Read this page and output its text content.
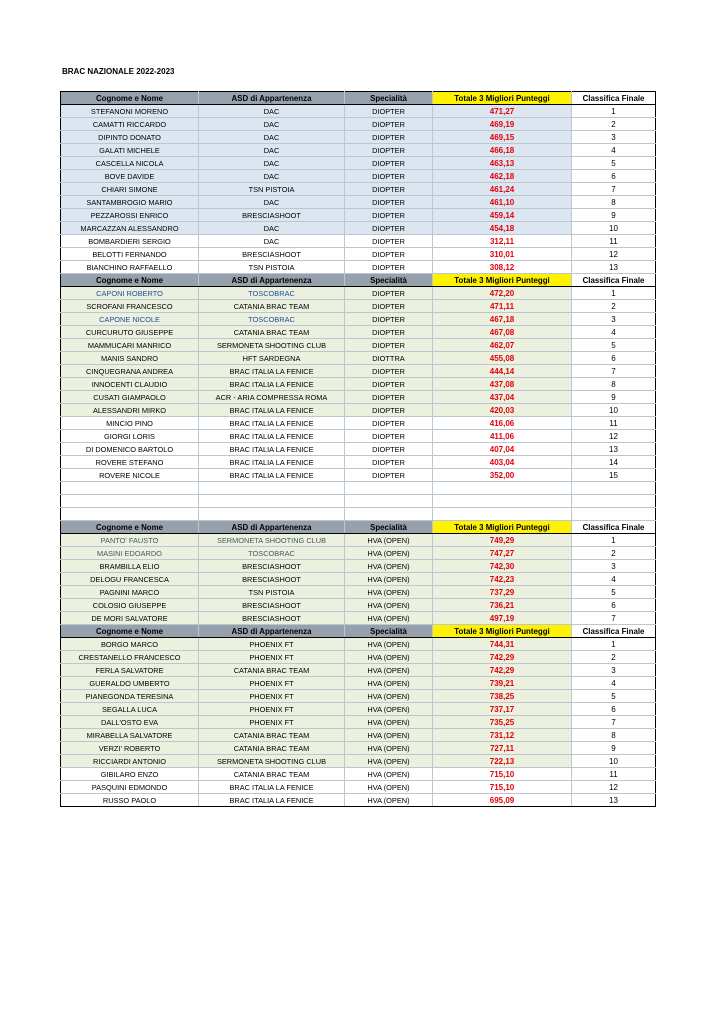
BRAC NAZIONALE 2022-2023
Cognome e Nome	ASD di Appartenenza	Specialità	Totale 3 Migliori Punteggi	Classifica Finale
STEFANONI MORENO	DAC	DIOPTER	471,27	1
CAMATTI RICCARDO	DAC	DIOPTER	469,19	2
DIPINTO DONATO	DAC	DIOPTER	469,15	3
GALATI MICHELE	DAC	DIOPTER	466,18	4
CASCELLA NICOLA	DAC	DIOPTER	463,13	5
BOVE DAVIDE	DAC	DIOPTER	462,18	6
CHIARI SIMONE	TSN PISTOIA	DIOPTER	461,24	7
SANTAMBROGIO MARIO	DAC	DIOPTER	461,10	8
PEZZAROSSI ENRICO	BRESCIASHOOT	DIOPTER	459,14	9
MARCAZZAN ALESSANDRO	DAC	DIOPTER	454,18	10
BOMBARDIERI SERGIO	DAC	DIOPTER	312,11	11
BELOTTI FERNANDO	BRESCIASHOOT	DIOPTER	310,01	12
BIANCHINO RAFFAELLO	TSN PISTOIA	DIOPTER	308,12	13
Cognome e Nome	ASD di Appartenenza	Specialità	Totale 3 Migliori Punteggi	Classifica Finale
CAPONI ROBERTO	TOSCOBRAC	DIOPTER	472,20	1
SCROFANI FRANCESCO	CATANIA BRAC TEAM	DIOPTER	471,11	2
CAPONE NICOLE	TOSCOBRAC	DIOPTER	467,18	3
CURCURUTO GIUSEPPE	CATANIA BRAC TEAM	DIOPTER	467,08	4
MAMMUCARI MANRICO	SERMONETA SHOOTING CLUB	DIOPTER	462,07	5
MANIS SANDRO	HFT SARDEGNA	DIOTTRA	455,08	6
CINQUEGRANA ANDREA	BRAC ITALIA LA FENICE	DIOPTER	444,14	7
INNOCENTI CLAUDIO	BRAC ITALIA LA FENICE	DIOPTER	437,08	8
CUSATI GIAMPAOLO	ACR - ARIA COMPRESSA ROMA	DIOPTER	437,04	9
ALESSANDRI MIRKO	BRAC ITALIA LA FENICE	DIOPTER	420,03	10
MINCIO PINO	BRAC ITALIA LA FENICE	DIOPTER	416,06	11
GIORGI LORIS	BRAC ITALIA LA FENICE	DIOPTER	411,06	12
DI DOMENICO BARTOLO	BRAC ITALIA LA FENICE	DIOPTER	407,04	13
ROVERE STEFANO	BRAC ITALIA LA FENICE	DIOPTER	403,04	14
ROVERE NICOLE	BRAC ITALIA LA FENICE	DIOPTER	352,00	15

Cognome e Nome	ASD di Appartenenza	Specialità	Totale 3 Migliori Punteggi	Classifica Finale
PANTO' FAUSTO	SERMONETA SHOOTING CLUB	HVA (OPEN)	749,29	1
MASINI EDOARDO	TOSCOBRAC	HVA (OPEN)	747,27	2
BRAMBILLA ELIO	BRESCIASHOOT	HVA (OPEN)	742,30	3
DELOGU FRANCESCA	BRESCIASHOOT	HVA (OPEN)	742,23	4
PAGNINI MARCO	TSN PISTOIA	HVA (OPEN)	737,29	5
COLOSIO GIUSEPPE	BRESCIASHOOT	HVA (OPEN)	736,21	6
DE MORI SALVATORE	BRESCIASHOOT	HVA (OPEN)	497,19	7
Cognome e Nome	ASD di Appartenenza	Specialità	Totale 3 Migliori Punteggi	Classifica Finale
BORGO MARCO	PHOENIX FT	HVA (OPEN)	744,31	1
CRESTANELLO FRANCESCO	PHOENIX FT	HVA (OPEN)	742,29	2
FERLA SALVATORE	CATANIA BRAC TEAM	HVA (OPEN)	742,29	3
GUERALDO UMBERTO	PHOENIX FT	HVA (OPEN)	739,21	4
PIANEGONDA TERESINA	PHOENIX FT	HVA (OPEN)	738,25	5
SEGALLA LUCA	PHOENIX FT	HVA (OPEN)	737,17	6
DALL'OSTO EVA	PHOENIX FT	HVA (OPEN)	735,25	7
MIRABELLA SALVATORE	CATANIA BRAC TEAM	HVA (OPEN)	731,12	8
VERZI' ROBERTO	CATANIA BRAC TEAM	HVA (OPEN)	727,11	9
RICCIARDI ANTONIO	SERMONETA SHOOTING CLUB	HVA (OPEN)	722,13	10
GIBILARO ENZO	CATANIA BRAC TEAM	HVA (OPEN)	715,10	11
PASQUINI EDMONDO	BRAC ITALIA LA FENICE	HVA (OPEN)	715,10	12
RUSSO PAOLO	BRAC ITALIA LA FENICE	HVA (OPEN)	695,09	13
